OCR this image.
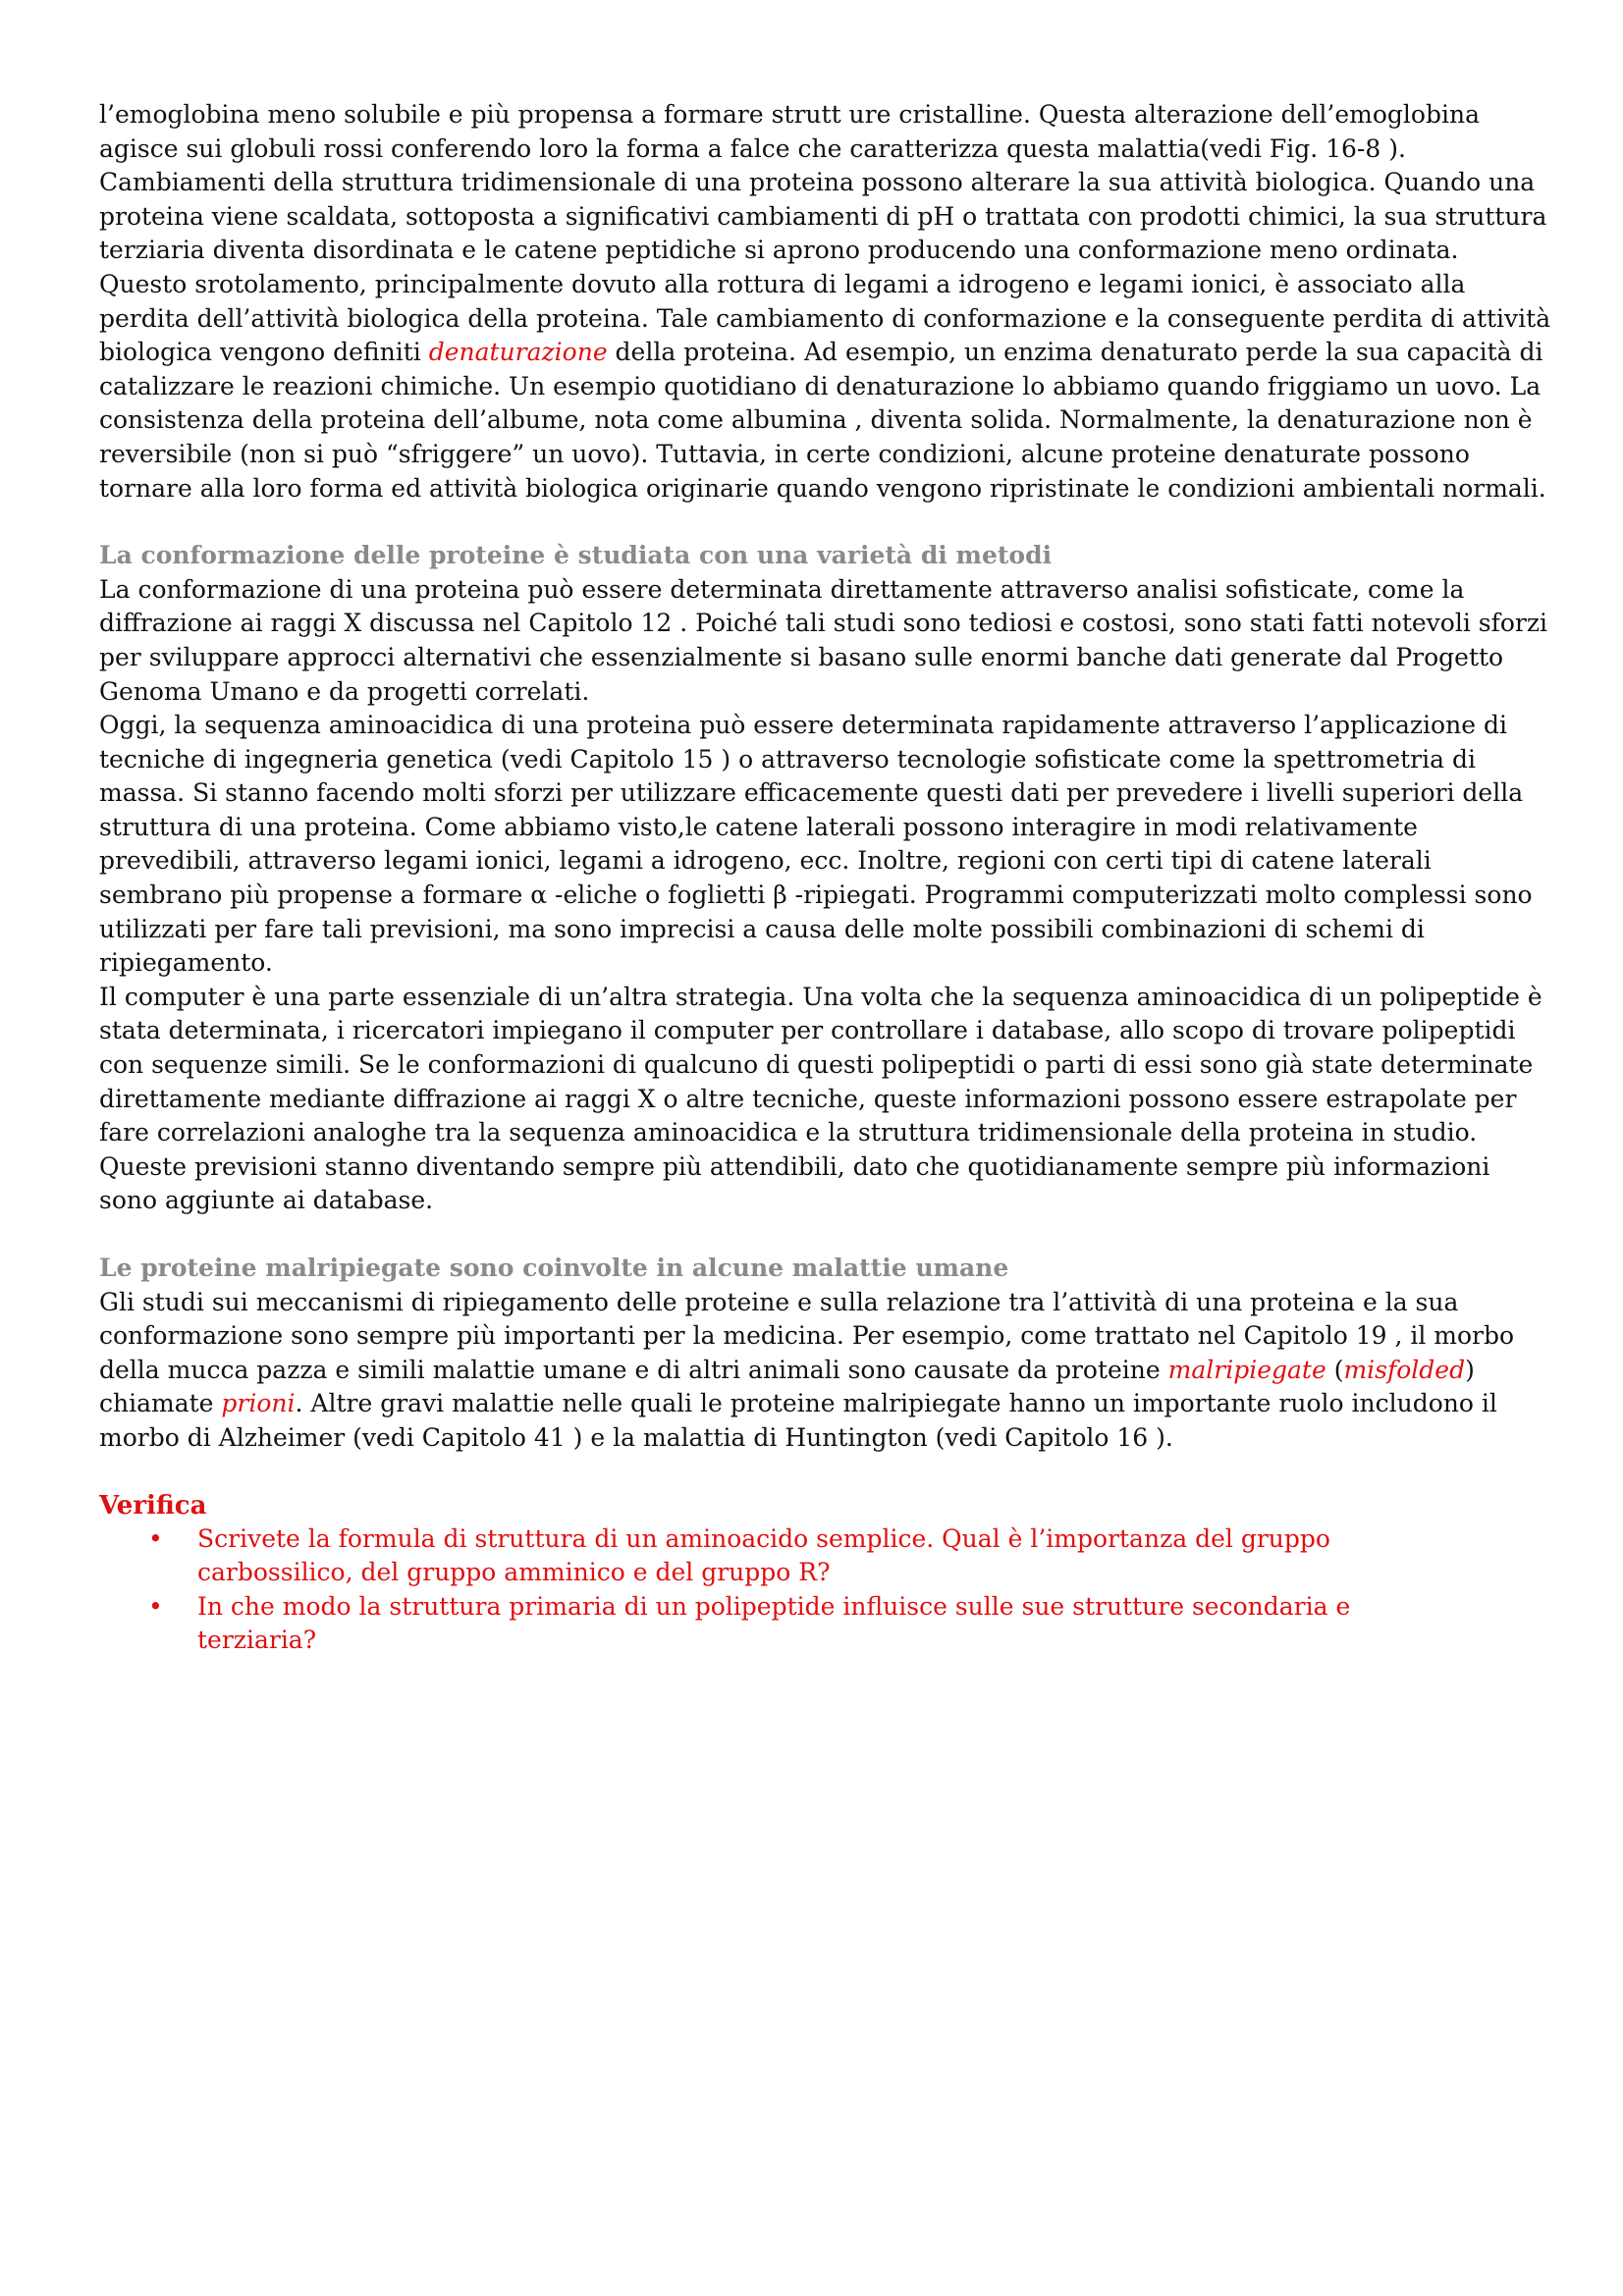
l’emoglobina meno solubile e più propensa a formare strutt ure cristalline. Questa alterazione dell’emoglobina agisce sui globuli rossi conferendo loro la forma a falce che caratterizza questa malattia(vedi Fig. 16-8 ).

Cambiamenti della struttura tridimensionale di una proteina possono alterare la sua attività biologica. Quando una proteina viene scaldata, sottoposta a significativi cambiamenti di pH o trattata con prodotti chimici, la sua struttura terziaria diventa disordinata e le catene peptidiche si aprono producendo una conformazione meno ordinata. Questo srotolamento, principalmente dovuto alla rottura di legami a idrogeno e legami ionici, è associato alla perdita dell’attività biologica della proteina. Tale cambiamento di conformazione e la conseguente perdita di attività biologica vengono definiti denaturazione della proteina. Ad esempio, un enzima denaturato perde la sua capacità di catalizzare le reazioni chimiche. Un esempio quotidiano di denaturazione lo abbiamo quando friggiamo un uovo. La consistenza della proteina dell’albume, nota come albumina , diventa solida. Normalmente, la denaturazione non è reversibile (non si può “sfriggere” un uovo). Tuttavia, in certe condizioni, alcune proteine denaturate possono tornare alla loro forma ed attività biologica originarie quando vengono ripristinate le condizioni ambientali normali.

La conformazione delle proteine è studiata con una varietà di metodi

La conformazione di una proteina può essere determinata direttamente attraverso analisi sofisticate, come la diffrazione ai raggi X discussa nel Capitolo 12 . Poiché tali studi sono tediosi e costosi, sono stati fatti notevoli sforzi per sviluppare approcci alternativi che essenzialmente si basano sulle enormi banche dati generate dal Progetto Genoma Umano e da progetti correlati.

Oggi, la sequenza aminoacidica di una proteina può essere determinata rapidamente attraverso l’applicazione di tecniche di ingegneria genetica (vedi Capitolo 15 ) o attraverso tecnologie sofisticate come la spettrometria di massa. Si stanno facendo molti sforzi per utilizzare efficacemente questi dati per prevedere i livelli superiori della struttura di una proteina. Come abbiamo visto,le catene laterali possono interagire in modi relativamente prevedibili, attraverso legami ionici, legami a idrogeno, ecc. Inoltre, regioni con certi tipi di catene laterali sembrano più propense a formare α -eliche o foglietti β -ripiegati. Programmi computerizzati molto complessi sono utilizzati per fare tali previsioni, ma sono imprecisi a causa delle molte possibili combinazioni di schemi di ripiegamento.

Il computer è una parte essenziale di un’altra strategia. Una volta che la sequenza aminoacidica di un polipeptide è stata determinata, i ricercatori impiegano il computer per controllare i database, allo scopo di trovare polipeptidi con sequenze simili. Se le conformazioni di qualcuno di questi polipeptidi o parti di essi sono già state determinate direttamente mediante diffrazione ai raggi X o altre tecniche, queste informazioni possono essere estrapolate per fare correlazioni analoghe tra la sequenza aminoacidica e la struttura tridimensionale della proteina in studio. Queste previsioni stanno diventando sempre più attendibili, dato che quotidianamente sempre più informazioni sono aggiunte ai database.

Le proteine malripiegate sono coinvolte in alcune malattie umane

Gli studi sui meccanismi di ripiegamento delle proteine e sulla relazione tra l’attività di una proteina e la sua conformazione sono sempre più importanti per la medicina. Per esempio, come trattato nel Capitolo 19 , il morbo della mucca pazza e simili malattie umane e di altri animali sono causate da proteine malripiegate (misfolded) chiamate prioni. Altre gravi malattie nelle quali le proteine malripiegate hanno un importante ruolo includono il morbo di Alzheimer (vedi Capitolo 41 ) e la malattia di Huntington (vedi Capitolo 16 ).

Verifica

• Scrivete la formula di struttura di un aminoacido semplice. Qual è l’importanza del gruppo carbossilico, del gruppo amminico e del gruppo R?
• In che modo la struttura primaria di un polipeptide influisce sulle sue strutture secondaria e terziaria?
